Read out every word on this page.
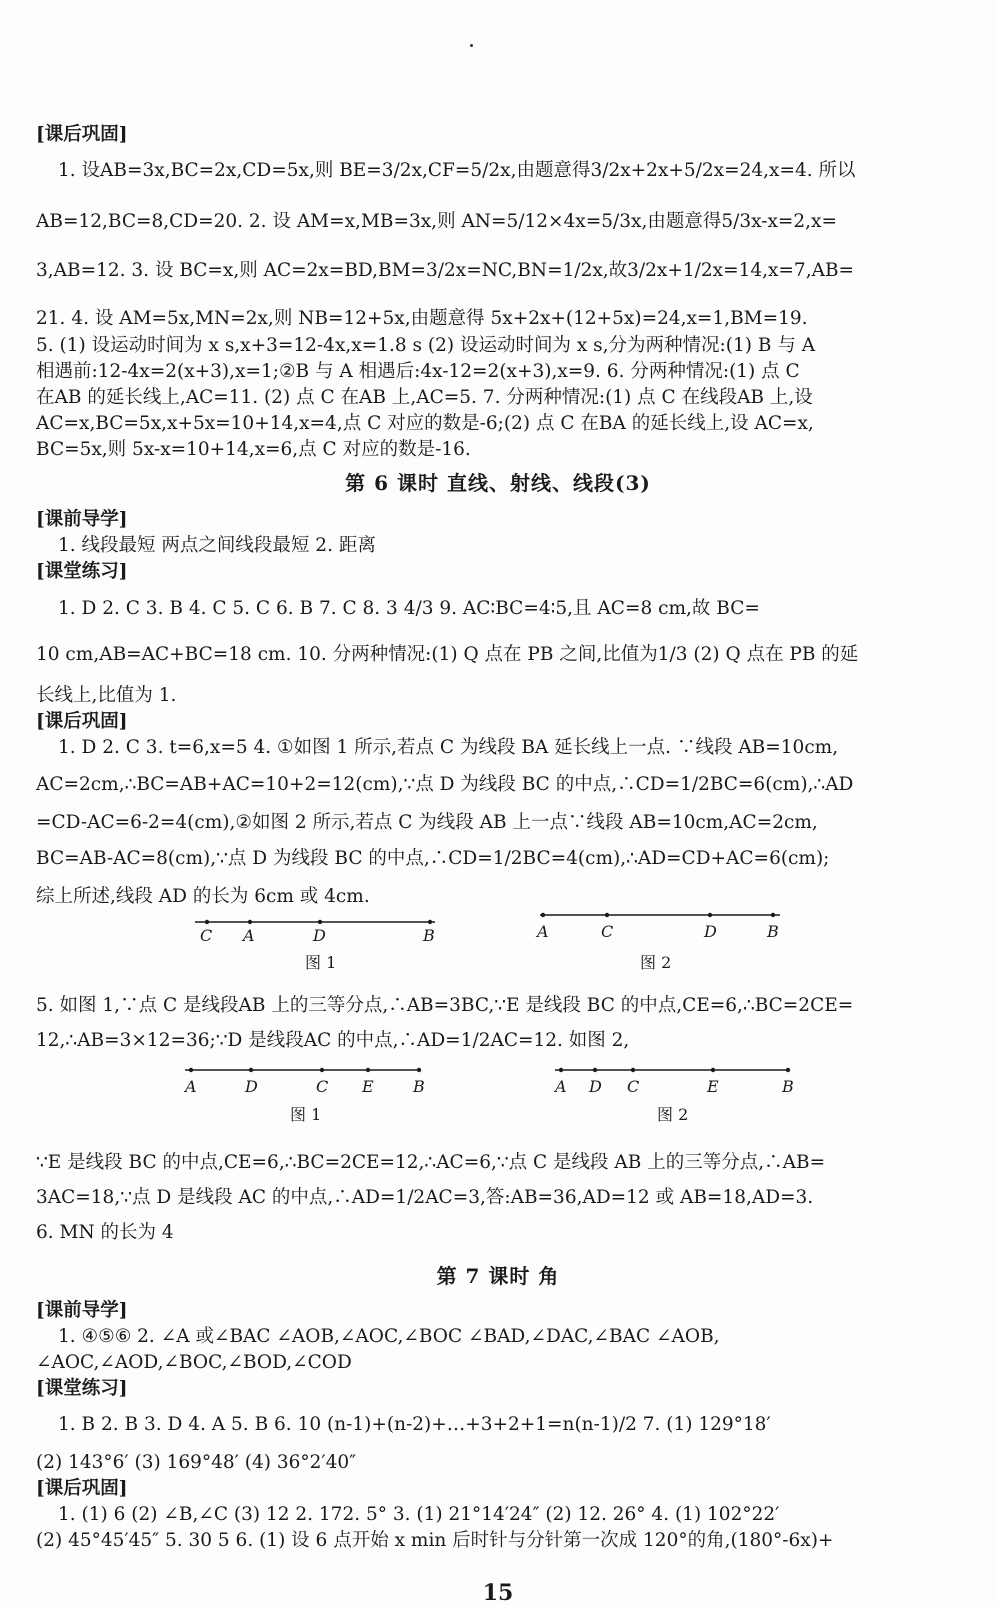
[课后巩固]
1. 设AB=3x,BC=2x,CD=5x,则 BE=3/2x,CF=5/2x,由题意得3/2x+2x+5/2x=24,x=4. 所以
AB=12,BC=8,CD=20. 2. 设 AM=x,MB=3x,则 AN=5/12×4x=5/3x,由题意得5/3x-x=2,x=
3,AB=12. 3. 设 BC=x,则 AC=2x=BD,BM=3/2x=NC,BN=1/2x,故3/2x+1/2x=14,x=7,AB=
21. 4. 设 AM=5x,MN=2x,则 NB=12+5x,由题意得 5x+2x+(12+5x)=24,x=1,BM=19.
5. (1) 设运动时间为 x s,x+3=12-4x,x=1.8 s (2) 设运动时间为 x s,分为两种情况:(1) B 与 A
相遇前:12-4x=2(x+3),x=1;②B 与 A 相遇后:4x-12=2(x+3),x=9. 6. 分两种情况:(1) 点 C
在AB 的延长线上,AC=11. (2) 点 C 在AB 上,AC=5. 7. 分两种情况:(1) 点 C 在线段AB 上,设
AC=x,BC=5x,x+5x=10+14,x=4,点 C 对应的数是-6;(2) 点 C 在BA 的延长线上,设 AC=x,
BC=5x,则 5x-x=10+14,x=6,点 C 对应的数是-16.
[课前导学]
1. 线段最短 两点之间线段最短 2. 距离
[课堂练习]
1. D 2. C 3. B 4. C 5. C 6. B 7. C 8. 3 4/3 9. AC∶BC=4∶5,且 AC=8 cm,故 BC=
10 cm,AB=AC+BC=18 cm. 10. 分两种情况:(1) Q 点在 PB 之间,比值为1/3 (2) Q 点在 PB 的延
长线上,比值为 1.
[课后巩固]
1. D 2. C 3. t=6,x=5 4. ①如图 1 所示,若点 C 为线段 BA 延长线上一点. ∵线段 AB=10cm,
AC=2cm,∴BC=AB+AC=10+2=12(cm),∵点 D 为线段 BC 的中点,∴CD=1/2BC=6(cm),∴AD
=CD-AC=6-2=4(cm),②如图 2 所示,若点 C 为线段 AB 上一点∵线段 AB=10cm,AC=2cm,
BC=AB-AC=8(cm),∵点 D 为线段 BC 的中点,∴CD=1/2BC=4(cm),∴AD=CD+AC=6(cm);
综上所述,线段 AD 的长为 6cm 或 4cm.
5. 如图 1,∵点 C 是线段AB 上的三等分点,∴AB=3BC,∵E 是线段 BC 的中点,CE=6,∴BC=2CE=
12,∴AB=3×12=36;∵D 是线段AC 的中点,∴AD=1/2AC=12. 如图 2,
∵E 是线段 BC 的中点,CE=6,∴BC=2CE=12,∴AC=6,∵点 C 是线段 AB 上的三等分点,∴AB=
3AC=18,∵点 D 是线段 AC 的中点,∴AD=1/2AC=3,答:AB=36,AD=12 或 AB=18,AD=3.
6. MN 的长为 4
[课前导学]
1. ④⑤⑥ 2. ∠A 或∠BAC ∠AOB,∠AOC,∠BOC ∠BAD,∠DAC,∠BAC ∠AOB,
∠AOC,∠AOD,∠BOC,∠BOD,∠COD
[课堂练习]
1. B 2. B 3. D 4. A 5. B 6. 10 (n-1)+(n-2)+…+3+2+1=n(n-1)/2 7. (1) 129°18′
(2) 143°6′ (3) 169°48′ (4) 36°2′40″
[课后巩固]
1. (1) 6 (2) ∠B,∠C (3) 12 2. 172. 5° 3. (1) 21°14′24″ (2) 12. 26° 4. (1) 102°22′
(2) 45°45′45″ 5. 30 5 6. (1) 设 6 点开始 x min 后时针与分针第一次成 120°的角,(180°-6x)+
第 6 课时 直线、射线、线段(3)
第 7 课时 角
C A	D	B
图 1
A	C	D	B
图 2
A	D	C E B
图 1
A D C	E	B
图 2
15
